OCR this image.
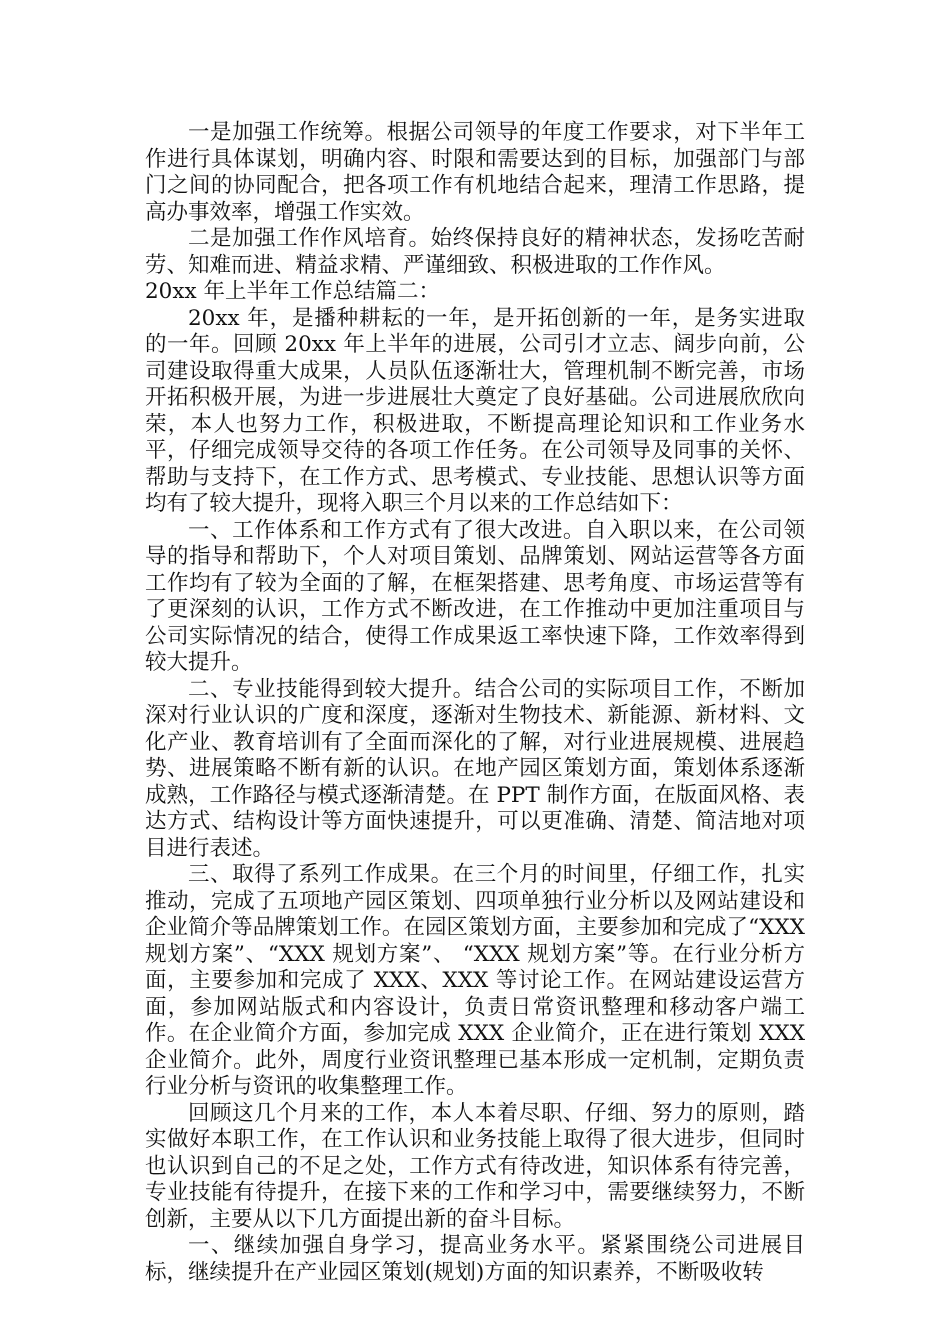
一是加强工作统筹。根据公司领导的年度工作要求，对下半年工作进行具体谋划，明确内容、时限和需要达到的目标，加强部门与部门之间的协同配合，把各项工作有机地结合起来，理清工作思路，提高办事效率，增强工作实效。

二是加强工作作风培育。始终保持良好的精神状态，发扬吃苦耐劳、知难而进、精益求精、严谨细致、积极进取的工作作风。

20xx 年上半年工作总结篇二：

20xx 年，是播种耕耘的一年，是开拓创新的一年，是务实进取的一年。回顾 20xx 年上半年的进展，公司引才立志、阔步向前，公司建设取得重大成果，人员队伍逐渐壮大，管理机制不断完善，市场开拓积极开展，为进一步进展壮大奠定了良好基础。公司进展欣欣向荣，本人也努力工作，积极进取，不断提高理论知识和工作业务水平，仔细完成领导交待的各项工作任务。在公司领导及同事的关怀、帮助与支持下，在工作方式、思考模式、专业技能、思想认识等方面均有了较大提升，现将入职三个月以来的工作总结如下：

一、工作体系和工作方式有了很大改进。自入职以来，在公司领导的指导和帮助下，个人对项目策划、品牌策划、网站运营等各方面工作均有了较为全面的了解，在框架搭建、思考角度、市场运营等有了更深刻的认识，工作方式不断改进，在工作推动中更加注重项目与公司实际情况的结合，使得工作成果返工率快速下降，工作效率得到较大提升。

二、专业技能得到较大提升。结合公司的实际项目工作，不断加深对行业认识的广度和深度，逐渐对生物技术、新能源、新材料、文化产业、教育培训有了全面而深化的了解，对行业进展规模、进展趋势、进展策略不断有新的认识。在地产园区策划方面，策划体系逐渐成熟，工作路径与模式逐渐清楚。在 PPT 制作方面，在版面风格、表达方式、结构设计等方面快速提升，可以更准确、清楚、简洁地对项目进行表述。

三、取得了系列工作成果。在三个月的时间里，仔细工作，扎实推动，完成了五项地产园区策划、四项单独行业分析以及网站建设和企业简介等品牌策划工作。在园区策划方面，主要参加和完成了“XXX 规划方案”、“XXX 规划方案”、 “XXX 规划方案”等。在行业分析方面，主要参加和完成了 XXX、XXX 等讨论工作。在网站建设运营方面，参加网站版式和内容设计，负责日常资讯整理和移动客户端工作。在企业简介方面，参加完成 XXX 企业简介，正在进行策划 XXX 企业简介。此外，周度行业资讯整理已基本形成一定机制，定期负责行业分析与资讯的收集整理工作。

回顾这几个月来的工作，本人本着尽职、仔细、努力的原则，踏实做好本职工作，在工作认识和业务技能上取得了很大进步，但同时也认识到自己的不足之处，工作方式有待改进，知识体系有待完善，专业技能有待提升，在接下来的工作和学习中，需要继续努力，不断创新，主要从以下几方面提出新的奋斗目标。

一、继续加强自身学习，提高业务水平。紧紧围绕公司进展目标，继续提升在产业园区策划(规划)方面的知识素养，不断吸收转
